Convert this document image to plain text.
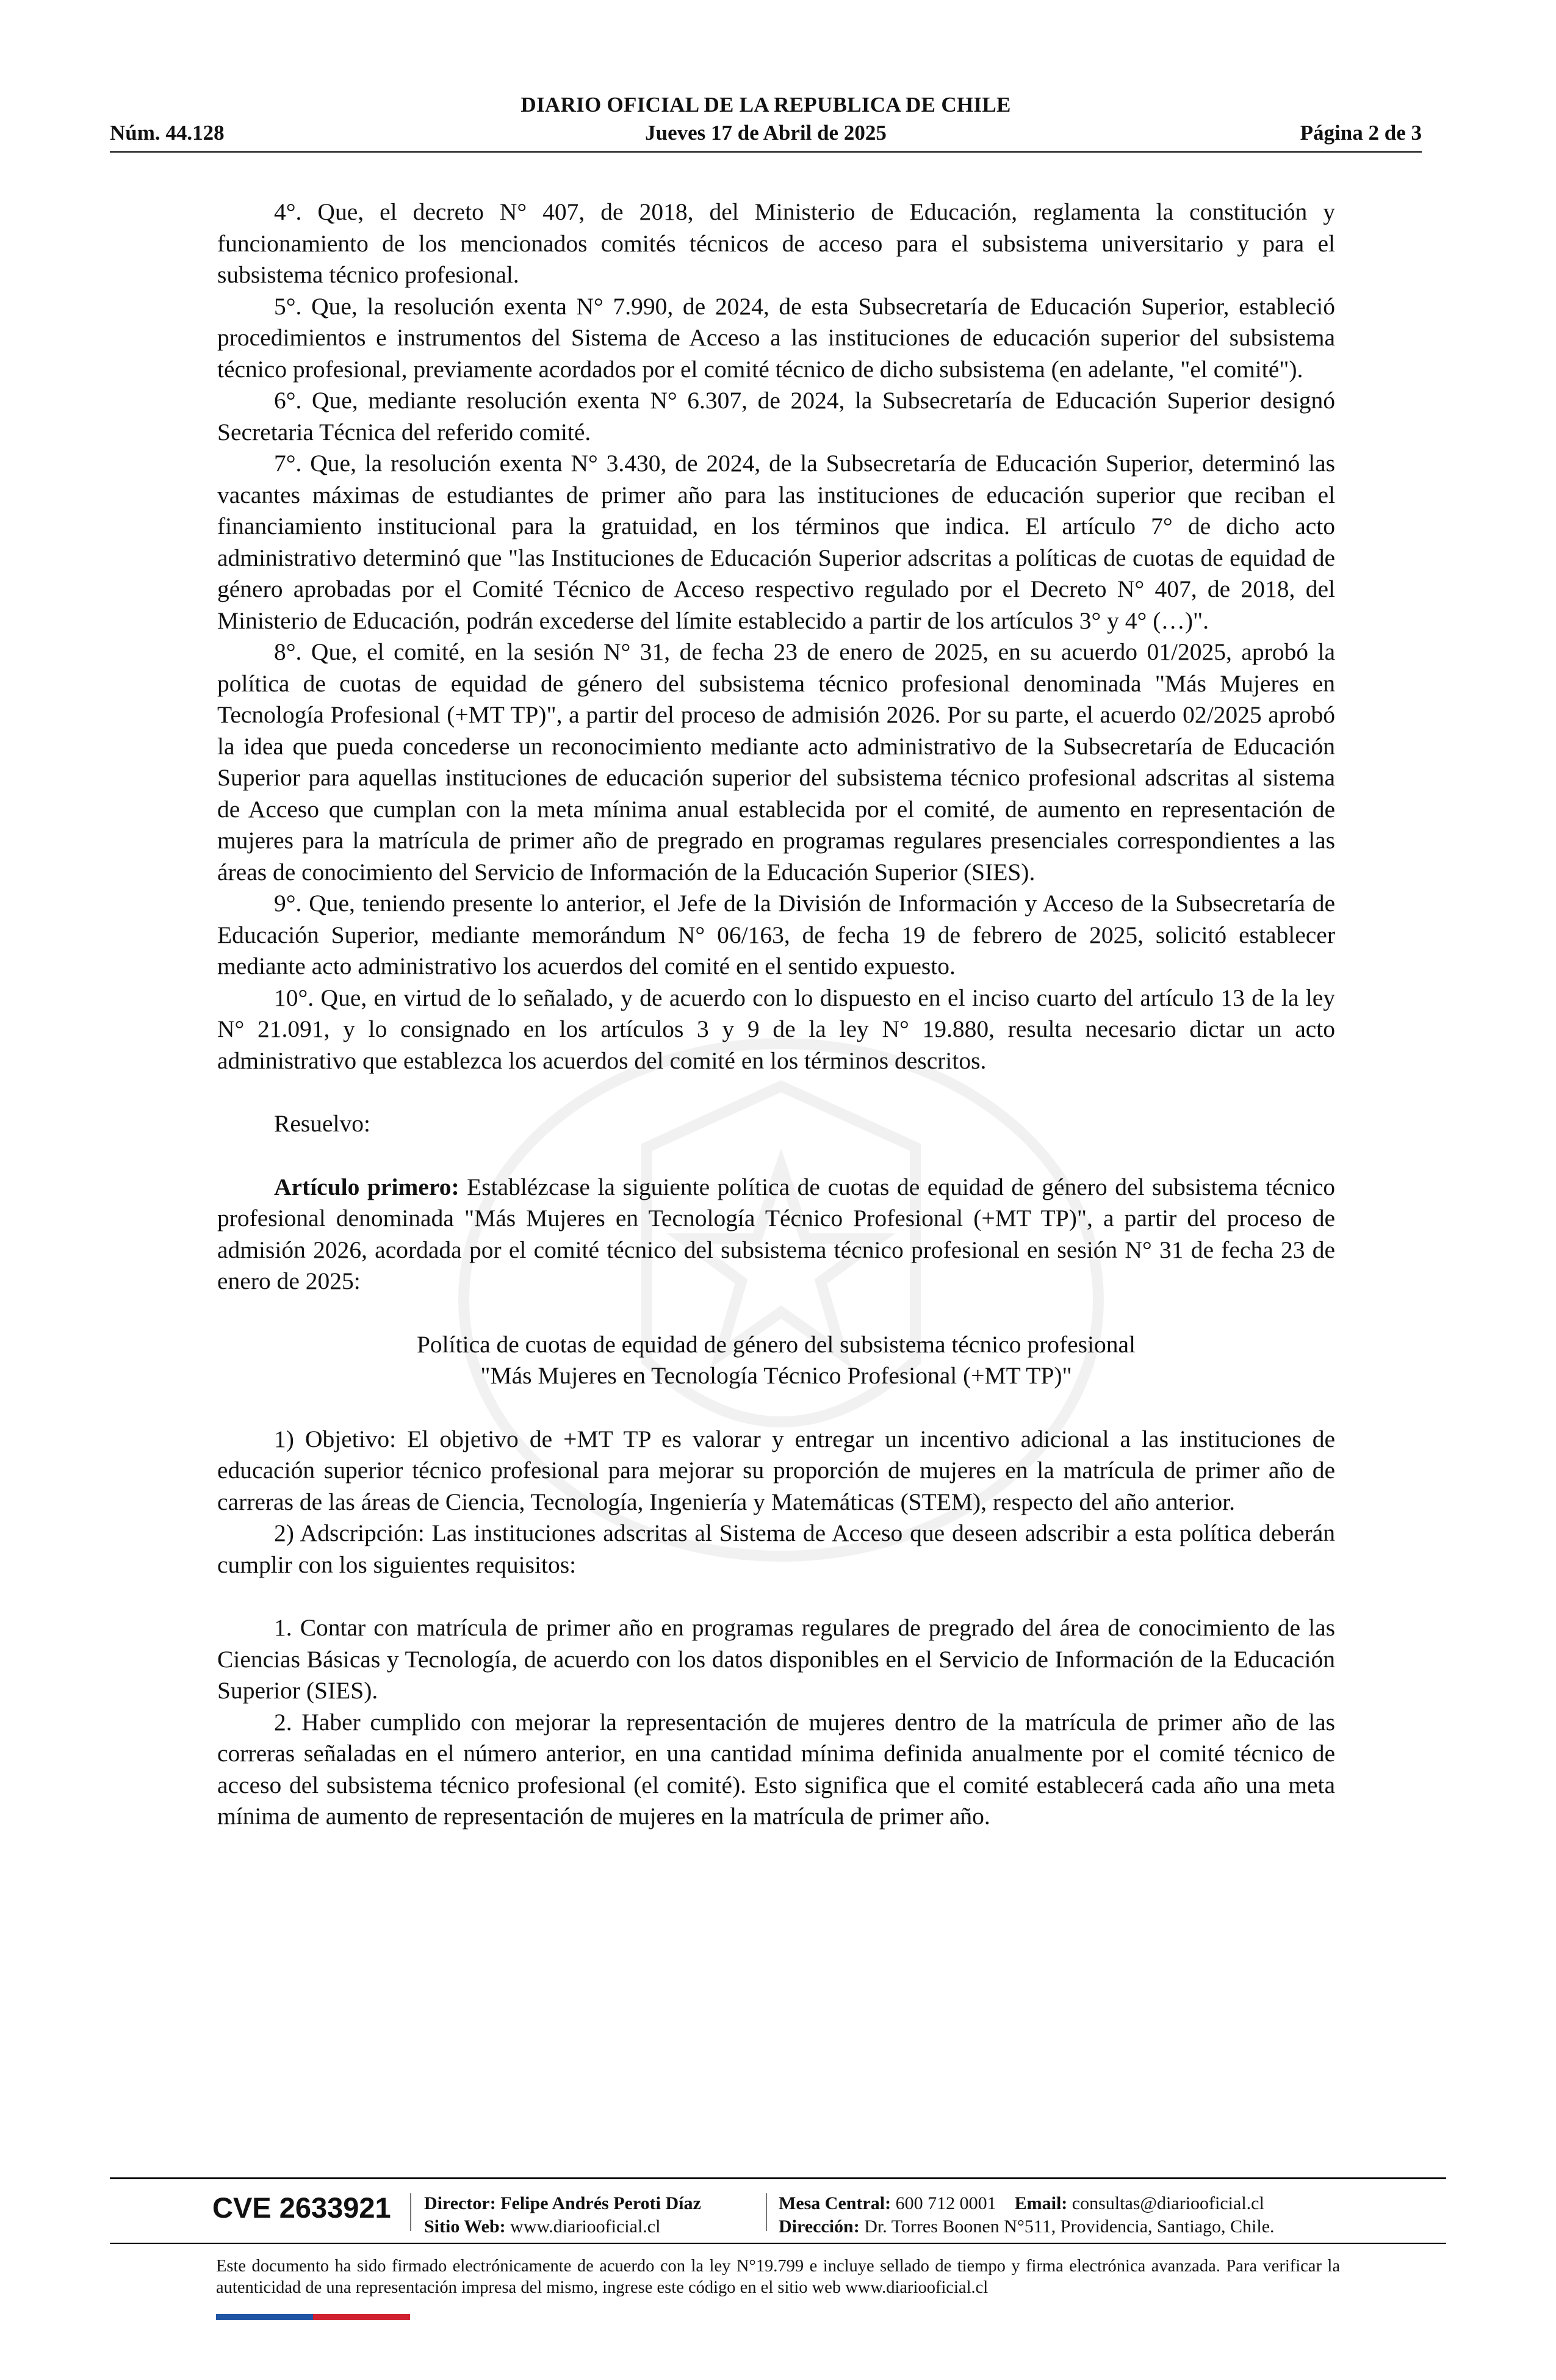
DIARIO OFICIAL DE LA REPUBLICA DE CHILE
Núm. 44.128	Jueves 17 de Abril de 2025	Página 2 de 3

4°. Que, el decreto N° 407, de 2018, del Ministerio de Educación, reglamenta la constitución y funcionamiento de los mencionados comités técnicos de acceso para el subsistema universitario y para el subsistema técnico profesional.

5°. Que, la resolución exenta N° 7.990, de 2024, de esta Subsecretaría de Educación Superior, estableció procedimientos e instrumentos del Sistema de Acceso a las instituciones de educación superior del subsistema técnico profesional, previamente acordados por el comité técnico de dicho subsistema (en adelante, "el comité").

6°. Que, mediante resolución exenta N° 6.307, de 2024, la Subsecretaría de Educación Superior designó Secretaria Técnica del referido comité.

7°. Que, la resolución exenta N° 3.430, de 2024, de la Subsecretaría de Educación Superior, determinó las vacantes máximas de estudiantes de primer año para las instituciones de educación superior que reciban el financiamiento institucional para la gratuidad, en los términos que indica. El artículo 7° de dicho acto administrativo determinó que "las Instituciones de Educación Superior adscritas a políticas de cuotas de equidad de género aprobadas por el Comité Técnico de Acceso respectivo regulado por el Decreto N° 407, de 2018, del Ministerio de Educación, podrán excederse del límite establecido a partir de los artículos 3° y 4° (…)".

8°. Que, el comité, en la sesión N° 31, de fecha 23 de enero de 2025, en su acuerdo 01/2025, aprobó la política de cuotas de equidad de género del subsistema técnico profesional denominada "Más Mujeres en Tecnología Profesional (+MT TP)", a partir del proceso de admisión 2026. Por su parte, el acuerdo 02/2025 aprobó la idea que pueda concederse un reconocimiento mediante acto administrativo de la Subsecretaría de Educación Superior para aquellas instituciones de educación superior del subsistema técnico profesional adscritas al sistema de Acceso que cumplan con la meta mínima anual establecida por el comité, de aumento en representación de mujeres para la matrícula de primer año de pregrado en programas regulares presenciales correspondientes a las áreas de conocimiento del Servicio de Información de la Educación Superior (SIES).

9°. Que, teniendo presente lo anterior, el Jefe de la División de Información y Acceso de la Subsecretaría de Educación Superior, mediante memorándum N° 06/163, de fecha 19 de febrero de 2025, solicitó establecer mediante acto administrativo los acuerdos del comité en el sentido expuesto.

10°. Que, en virtud de lo señalado, y de acuerdo con lo dispuesto en el inciso cuarto del artículo 13 de la ley N° 21.091, y lo consignado en los artículos 3 y 9 de la ley N° 19.880, resulta necesario dictar un acto administrativo que establezca los acuerdos del comité en los términos descritos.

Resuelvo:

Artículo primero: Establézcase la siguiente política de cuotas de equidad de género del subsistema técnico profesional denominada "Más Mujeres en Tecnología Técnico Profesional (+MT TP)", a partir del proceso de admisión 2026, acordada por el comité técnico del subsistema técnico profesional en sesión N° 31 de fecha 23 de enero de 2025:

Política de cuotas de equidad de género del subsistema técnico profesional
"Más Mujeres en Tecnología Técnico Profesional (+MT TP)"

1) Objetivo: El objetivo de +MT TP es valorar y entregar un incentivo adicional a las instituciones de educación superior técnico profesional para mejorar su proporción de mujeres en la matrícula de primer año de carreras de las áreas de Ciencia, Tecnología, Ingeniería y Matemáticas (STEM), respecto del año anterior.

2) Adscripción: Las instituciones adscritas al Sistema de Acceso que deseen adscribir a esta política deberán cumplir con los siguientes requisitos:

1. Contar con matrícula de primer año en programas regulares de pregrado del área de conocimiento de las Ciencias Básicas y Tecnología, de acuerdo con los datos disponibles en el Servicio de Información de la Educación Superior (SIES).

2. Haber cumplido con mejorar la representación de mujeres dentro de la matrícula de primer año de las correras señaladas en el número anterior, en una cantidad mínima definida anualmente por el comité técnico de acceso del subsistema técnico profesional (el comité). Esto significa que el comité establecerá cada año una meta mínima de aumento de representación de mujeres en la matrícula de primer año.

CVE 2633921 Director: Felipe Andrés Peroti Díaz
Sitio Web: www.diariooficial.cl
Mesa Central: 600 712 0001 Email: consultas@diariooficial.cl
Dirección: Dr. Torres Boonen N°511, Providencia, Santiago, Chile.
Este documento ha sido firmado electrónicamente de acuerdo con la ley N°19.799 e incluye sellado de tiempo y firma electrónica avanzada. Para verificar la autenticidad de una representación impresa del mismo, ingrese este código en el sitio web www.diariooficial.cl
